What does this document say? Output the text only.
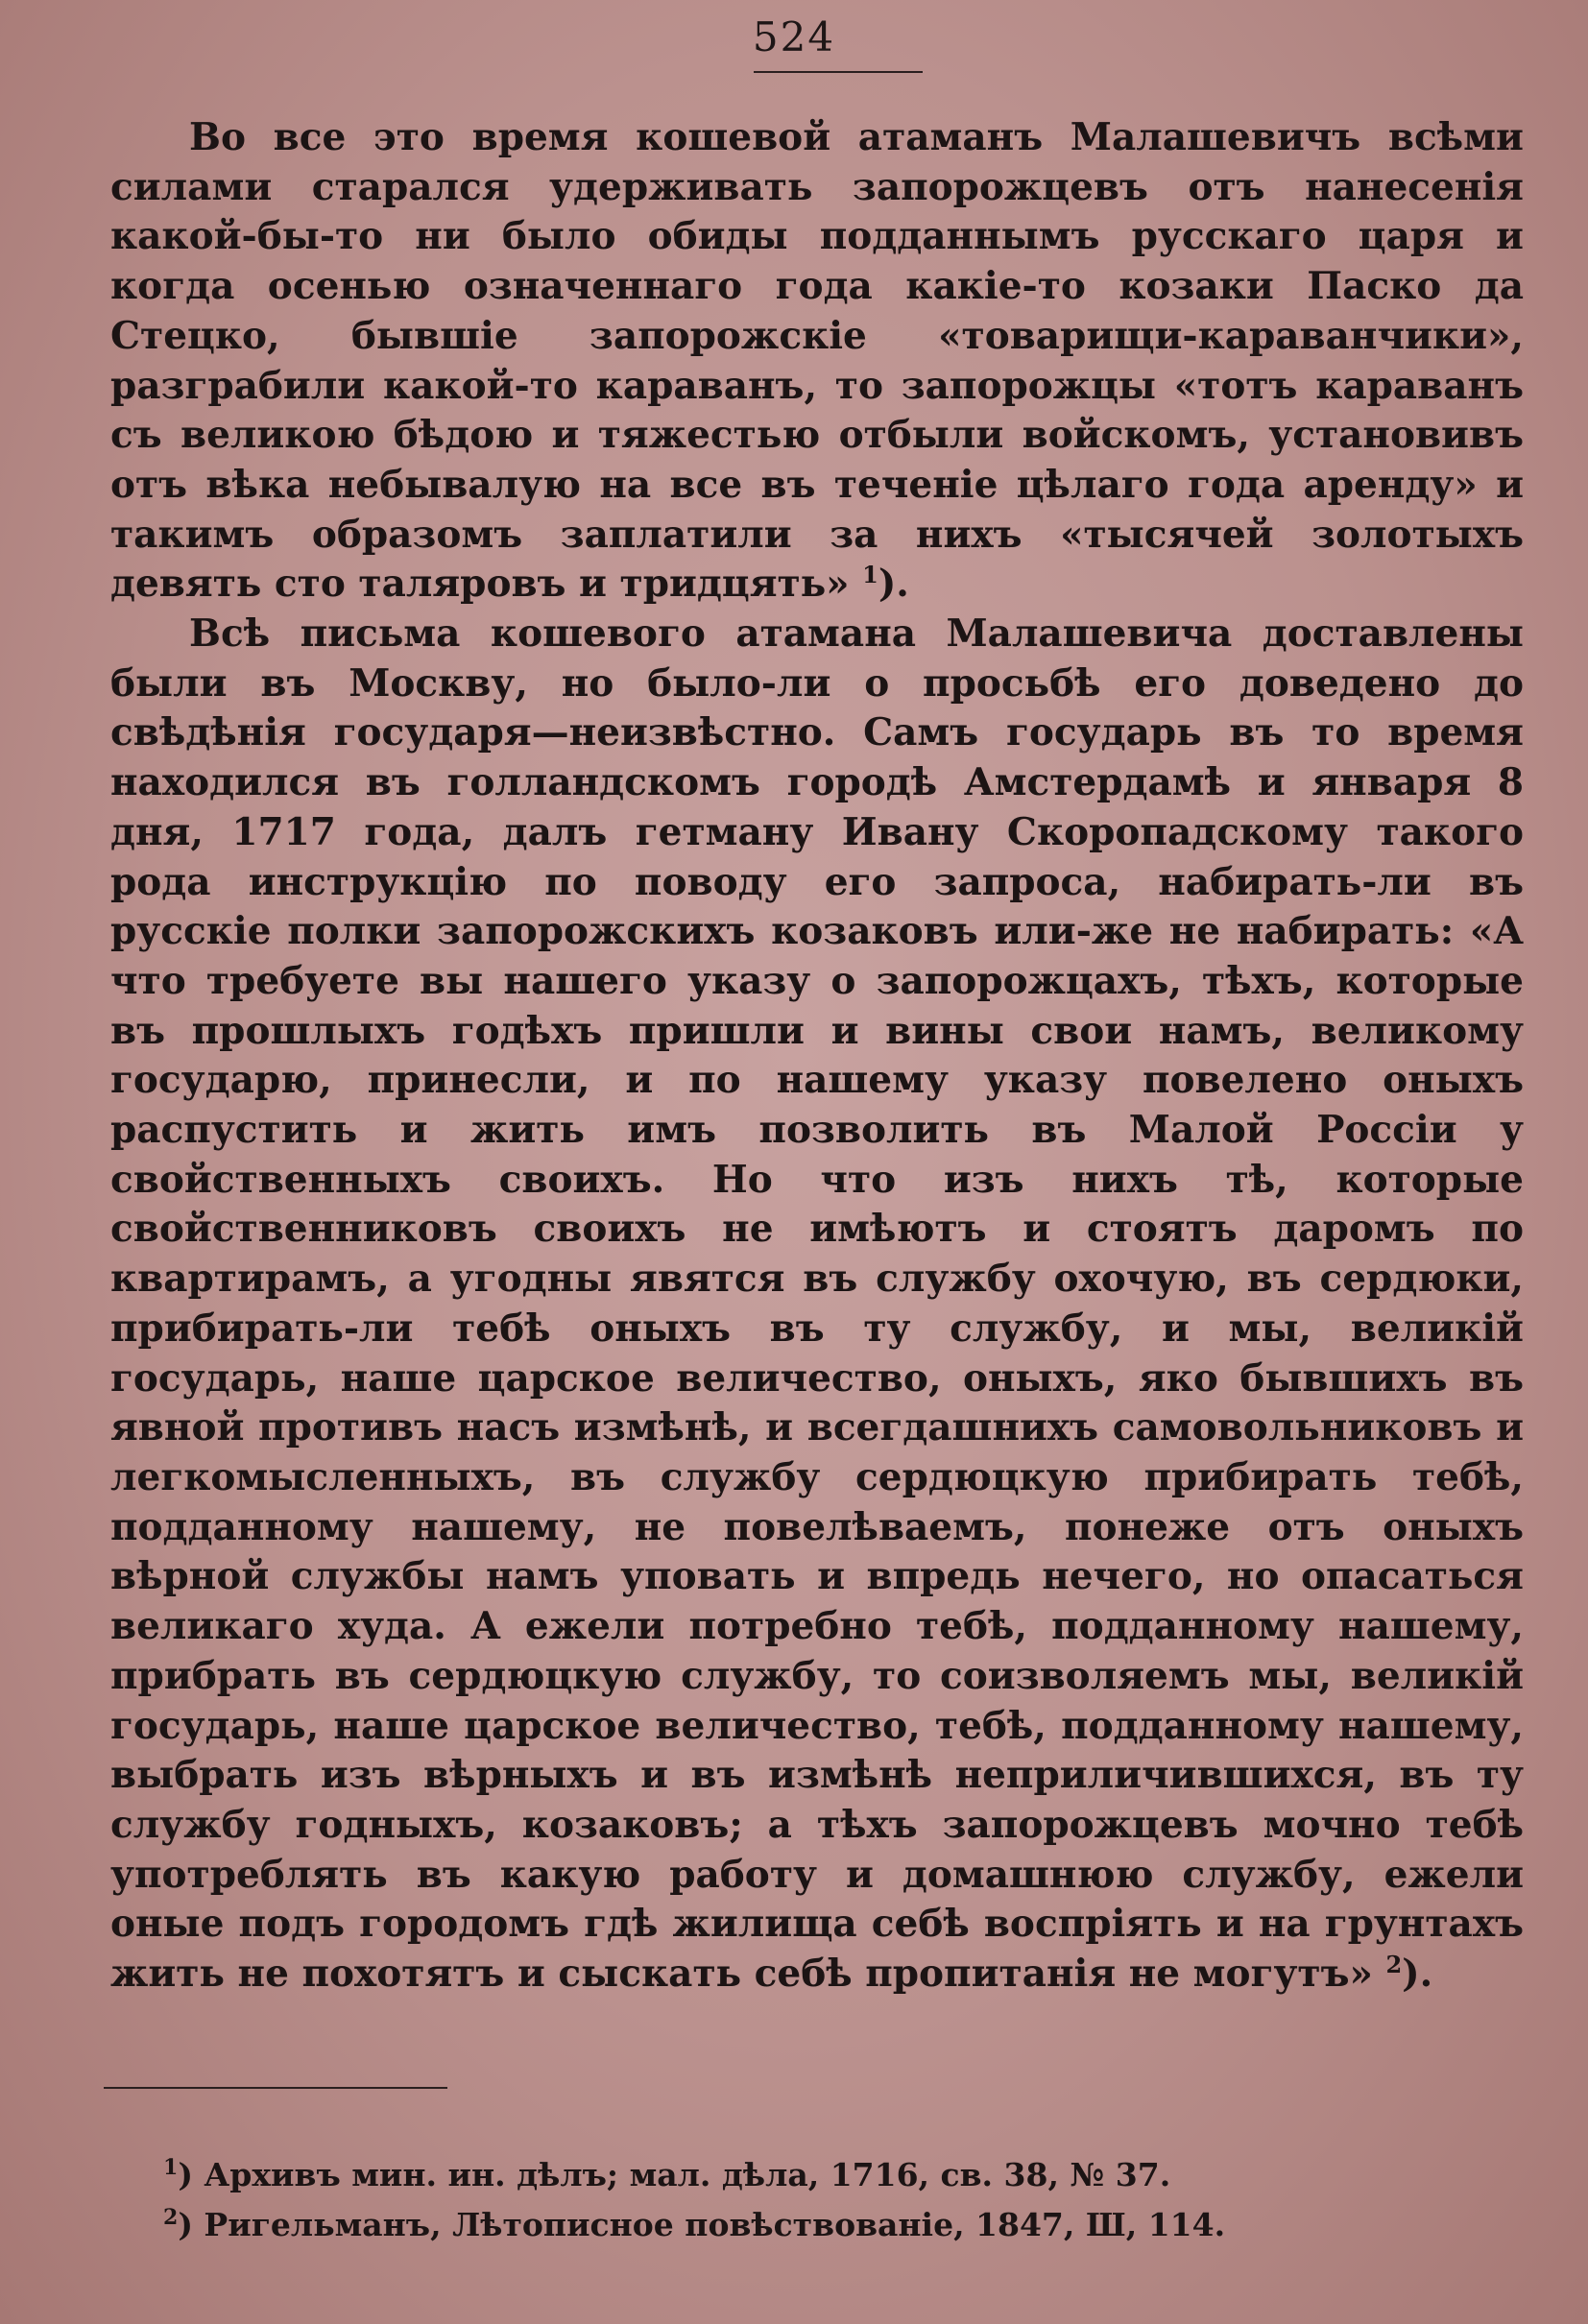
524

Во все это время кошевой атаманъ Малашевичъ всѣми силами старался удерживать запорожцевъ отъ нанесенія какой-бы-то ни было обиды подданнымъ русскаго царя и когда осенью означеннаго года какіе-то козаки Паско да Стецко, бывшіе запорожскіе «товарищи-караванчики», разграбили какой-то караванъ, то запорожцы «тотъ караванъ съ великою бѣдою и тяжестью отбыли войскомъ, установивъ отъ вѣка небывалую на все въ теченіе цѣлаго года аренду» и такимъ образомъ заплатили за нихъ «тысячей золотыхъ девять сто таляровъ и тридцять» $^1$).

Всѣ письма кошевого атамана Малашевича доставлены были въ Москву, но было-ли о просьбѣ его доведено до свѣдѣнія государя—неизвѣстно. Самъ государь въ то время находился въ голландскомъ городѣ Амстердамѣ и января 8 дня, 1717 года, далъ гетману Ивану Скоропадскому такого рода инструкцію по поводу его запроса, набирать-ли въ русскіе полки запорожскихъ козаковъ или-же не набирать: «А что требуете вы нашего указу о запорожцахъ, тѣхъ, которые въ прошлыхъ годѣхъ пришли и вины свои намъ, великому государю, принесли, и по нашему указу повелено оныхъ распустить и жить имъ позволить въ Малой Россіи у свойственныхъ своихъ. Но что изъ нихъ тѣ, которые свойственниковъ своихъ не имѣютъ и стоятъ даромъ по квартирамъ, а угодны явятся въ службу охочую, въ сердюки, прибирать-ли тебѣ оныхъ въ ту службу, и мы, великій государь, наше царское величество, оныхъ, яко бывшихъ въ явной противъ насъ измѣнѣ, и всегдашнихъ самовольниковъ и легкомысленныхъ, въ службу сердюцкую прибирать тебѣ, подданному нашему, не повелѣваемъ, понеже отъ оныхъ вѣрной службы намъ уповать и впредь нечего, но опасаться великаго худа. А ежели потребно тебѣ, подданному нашему, прибрать въ сердюцкую службу, то соизволяемъ мы, великій государь, наше царское величество, тебѣ, подданному нашему, выбрать изъ вѣрныхъ и въ измѣнѣ неприличившихся, въ ту службу годныхъ, козаковъ; а тѣхъ запорожцевъ мочно тебѣ употреблять въ какую работу и домашнюю службу, ежели оные подъ городомъ гдѣ жилища себѣ воспріять и на грунтахъ жить не похотятъ и сыскать себѣ пропитанія не могутъ» $^2$).

$^1$) Архивъ мин. ин. дѣлъ; мал. дѣла, 1716, св. 38, № 37.
$^2$) Ригельманъ, Лѣтописное повѣствованіе, 1847, Ш, 114.
